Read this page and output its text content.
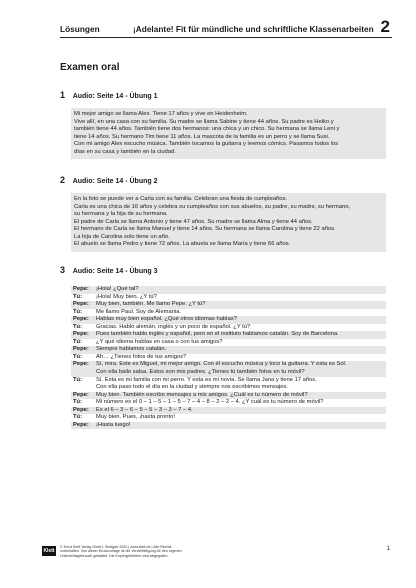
Lösungen	¡Adelante! Fit für mündliche und schriftliche Klassenarbeiten 2
Examen oral
1 Audio: Seite 14 - Übung 1
Mi mejor amigo se llama Alex. Tiene 17 años y vive en Heidenheim.
Vive allí, en una casa con su familia. Su madre se llama Sabine y tiene 44 años. Su padre es Heiko y
también tiene 44 años. También tiene dos hermanos: una chica y un chico. Su hermana se llama Leni y
tiene 14 años. Su hermano Tim tiene 11 años. La mascota de la familia es un perro y se llama Susi.
Con mi amigo Alex escucho música. También tocamos la guitarra y leemos cómics. Pasamos todos los
días en su casa y también en la ciudad.
2 Audio: Seite 14 - Übung 2
En la foto se puede ver a Carla con su familia. Celebran una fiesta de cumpleaños.
Carla es una chica de 16 años y celebra su cumpleaños con sus abuelos, su padre, su madre, su hermano,
su hermana y la hija de su hermana.
El padre de Carla se llama Antonio y tiene 47 años. Su madre se llama Alma y tiene 44 años.
El hermano de Carla se llama Manuel y tiene 14 años. Su hermana se llama Carolina y tiene 22 años.
La hija de Carolina solo tiene un año.
El abuelo se llama Pedro y tiene 72 años. La abuela se llama María y tiene 66 años.
3 Audio: Seite 14 - Übung 3
Pepe:	¡Hola! ¿Qué tal?
Tú:	¡Hola! Muy bien. ¿Y tú?
Pepe:	Muy bien, también. Me llamo Pepe. ¿Y tú?
Tú:	Me llamo Paul. Soy de Alemania.
Pepe:	Hablas muy bien español. ¿Qué otros idiomas hablas?
Tú:	Gracias. Hablo alemán, inglés y un poco de español. ¿Y tú?
Pepe:	Pues también hablo inglés y español, pero en el instituto hablamos catalán. Soy de Barcelona.
Tú:	¿Y qué idioma hablas en casa o con tus amigos?
Pepe:	Siempre hablamos catalán.
Tú:	Ah… ¿Tienes fotos de tus amigos?
Pepe:	Sí, mira. Este es Miguel, mi mejor amigo. Con él escucho música y toco la guitarra. Y esta es Sol.
Con ella bailo salsa. Estos son mis padres. ¿Tienes tú también fotos en tu móvil?
Tú:	Sí. Esta es mi familia con mi perro. Y esta es mi novia. Se llama Jana y tiene 17 años.
Con ella paso todo el día en la ciudad y siempre nos escribimos mensajes.
Pepe:	Muy bien. También escribo mensajes a mis amigos. ¿Cuál es tu número de móvil?
Tú:	Mi número es el 0 – 1 – 5 – 1 – 5 – 7 – 4 – 8 – 2 – 2 – 4. ¿Y cuál es tu número de móvil?
Pepe:	Es el 6 – 3 – 6 – 5 – 5 – 3 – 3 – 7 – 4.
Tú:	Muy bien. Pues, ¡hasta pronto!
Pepe:	¡Hasta luego!
Klett
© Ernst Klett Verlag GmbH, Stuttgart 2020 | www.klett.de | Alle Rechte
vorbehalten. Von dieser Druckvorlage ist die Vervielfältigung für den eigenen
Unterrichtsgebrauch gestattet. Die Kopiergebühren sind abgegolten.
1
